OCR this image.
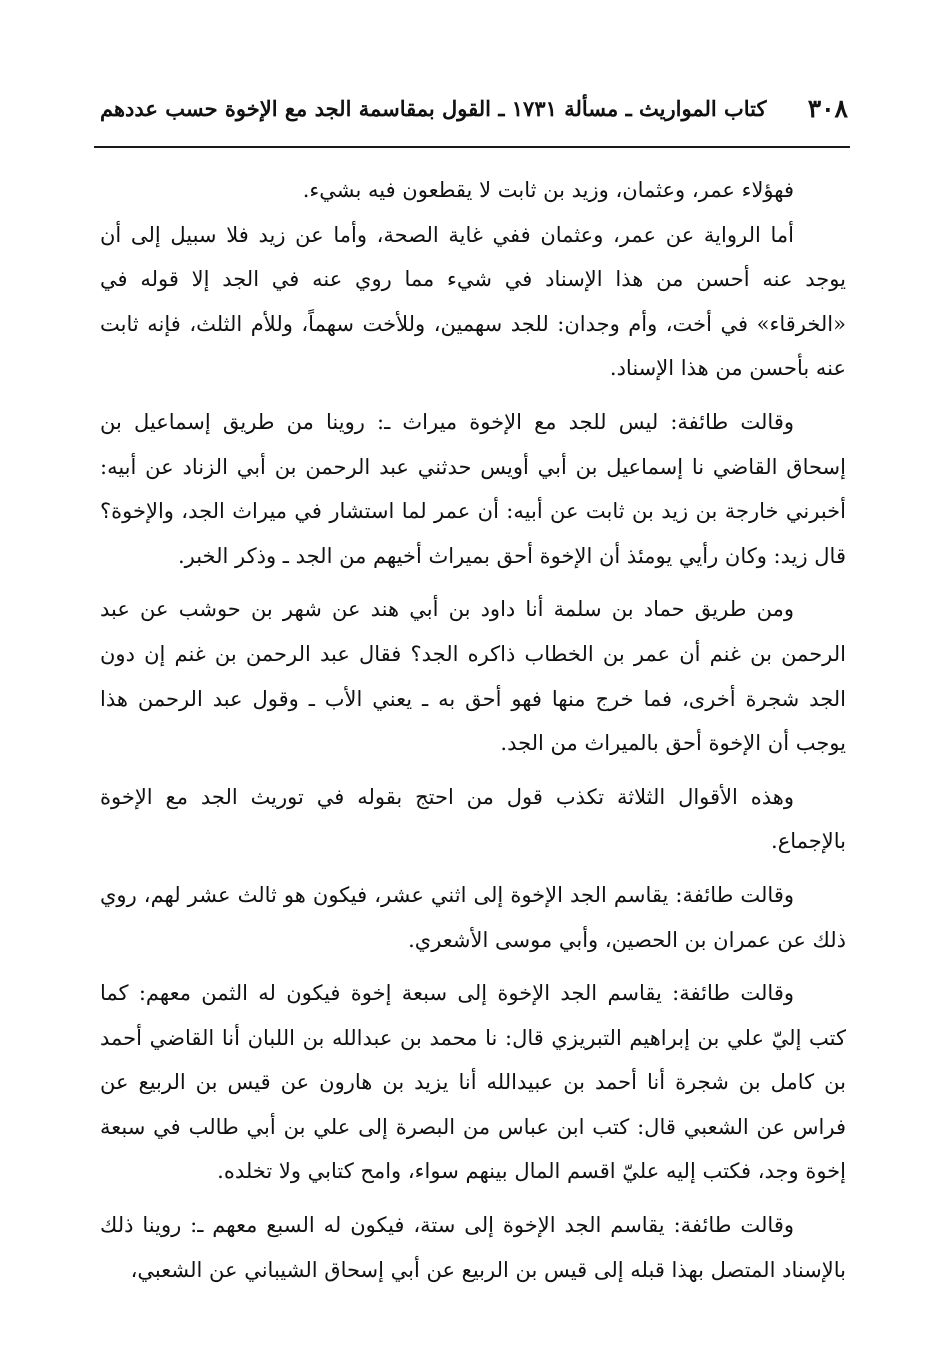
٣٠٨
كتاب المواريث ـ مسألة ١٧٣١ ـ القول بمقاسمة الجد مع الإخوة حسب عددهم

فهؤلاء عمر، وعثمان، وزيد بن ثابت لا يقطعون فيه بشيء.

أما الرواية عن عمر، وعثمان ففي غاية الصحة، وأما عن زيد فلا سبيل إلى أن يوجد عنه أحسن من هذا الإسناد في شيء مما روي عنه في الجد إلا قوله في «الخرقاء» في أخت، وأم وجدان: للجد سهمين، وللأخت سهماً، وللأم الثلث، فإنه ثابت عنه بأحسن من هذا الإسناد.

وقالت طائفة: ليس للجد مع الإخوة ميراث ـ: روينا من طريق إسماعيل بن إسحاق القاضي نا إسماعيل بن أبي أويس حدثني عبد الرحمن بن أبي الزناد عن أبيه: أخبرني خارجة بن زيد بن ثابت عن أبيه: أن عمر لما استشار في ميراث الجد، والإخوة؟ قال زيد: وكان رأيي يومئذ أن الإخوة أحق بميراث أخيهم من الجد ـ وذكر الخبر.

ومن طريق حماد بن سلمة أنا داود بن أبي هند عن شهر بن حوشب عن عبد الرحمن بن غنم أن عمر بن الخطاب ذاكره الجد؟ فقال عبد الرحمن بن غنم إن دون الجد شجرة أخرى، فما خرج منها فهو أحق به ـ يعني الأب ـ وقول عبد الرحمن هذا يوجب أن الإخوة أحق بالميراث من الجد.

وهذه الأقوال الثلاثة تكذب قول من احتج بقوله في توريث الجد مع الإخوة بالإجماع.

وقالت طائفة: يقاسم الجد الإخوة إلى اثني عشر، فيكون هو ثالث عشر لهم، روي ذلك عن عمران بن الحصين، وأبي موسى الأشعري.

وقالت طائفة: يقاسم الجد الإخوة إلى سبعة إخوة فيكون له الثمن معهم: كما كتب إليّ علي بن إبراهيم التبريزي قال: نا محمد بن عبدالله بن اللبان أنا القاضي أحمد بن كامل بن شجرة أنا أحمد بن عبيدالله أنا يزيد بن هارون عن قيس بن الربيع عن فراس عن الشعبي قال: كتب ابن عباس من البصرة إلى علي بن أبي طالب في سبعة إخوة وجد، فكتب إليه عليّ اقسم المال بينهم سواء، وامح كتابي ولا تخلده.

وقالت طائفة: يقاسم الجد الإخوة إلى ستة، فيكون له السبع معهم ـ: روينا ذلك بالإسناد المتصل بهذا قبله إلى قيس بن الربيع عن أبي إسحاق الشيباني عن الشعبي،
